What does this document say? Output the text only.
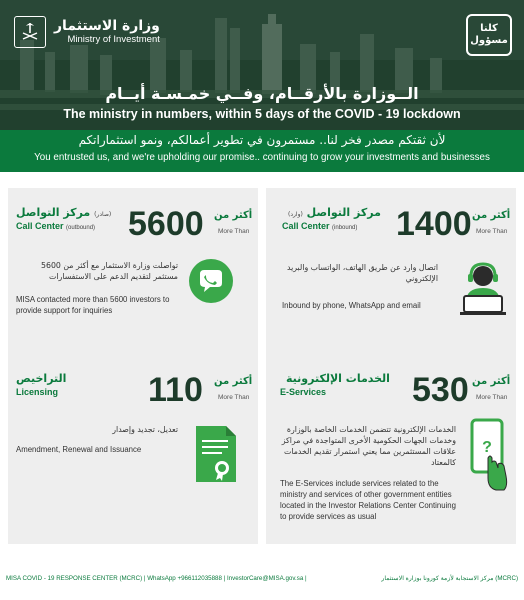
وزارة الاستثمار
Ministry of Investment
كلنا
مسؤول
الــوزارة بالأرقــام، وفــي خمـسـة أيــام
The ministry in numbers, within 5 days of the COVID - 19 lockdown
لأن ثقتكم مصدر فخر لنا.. مستمرون في تطوير أعمالكم، ونمو استثماراتكم
You entrusted us, and we're upholding our promise.. continuing to grow your investments and businesses
(صادر) مركز التواصل
Call Center (outbound) 5600 أكثر من
More Than
تواصلت وزارة الاستثمار مع أكثر من 5600 مستثمر لتقديم الدعم على الاستفسارات
MISA contacted more than 5600 investors to provide support for inquiries
أكثر من
More Than
1400
مركز التواصل (وارد)
Call Center (inbound)
اتصال وارد عن طريق الهاتف، الواتساب والبريد الإلكتروني
Inbound by phone, WhatsApp and email
التراخيص
Licensing	110 أكثر من
More Than
تعديل، تجديد وإصدار
Amendment, Renewal and Issuance
أكثر من
More Than
530
الخدمات الإلكترونية
E-Services
?
الخدمات الإلكترونية تتضمن الخدمات الخاصة بالوزارة وخدمات الجهات الحكومية الأخرى المتواجدة في مراكز علاقات المستثمرين مما يعني استمرار تقديم الخدمات كالمعتاد
The E-Services include services related to the ministry and services of other government entities located in the Investor Relations Center Continuing to provide services as usual
MISA COVID - 19 RESPONSE CENTER (MCRC) | WhatsApp +966112035888 | InvestorCare@MISA.gov.sa |	(MCRC) مركز الاستجابة لأزمة كورونا بوزارة الاستثمار
